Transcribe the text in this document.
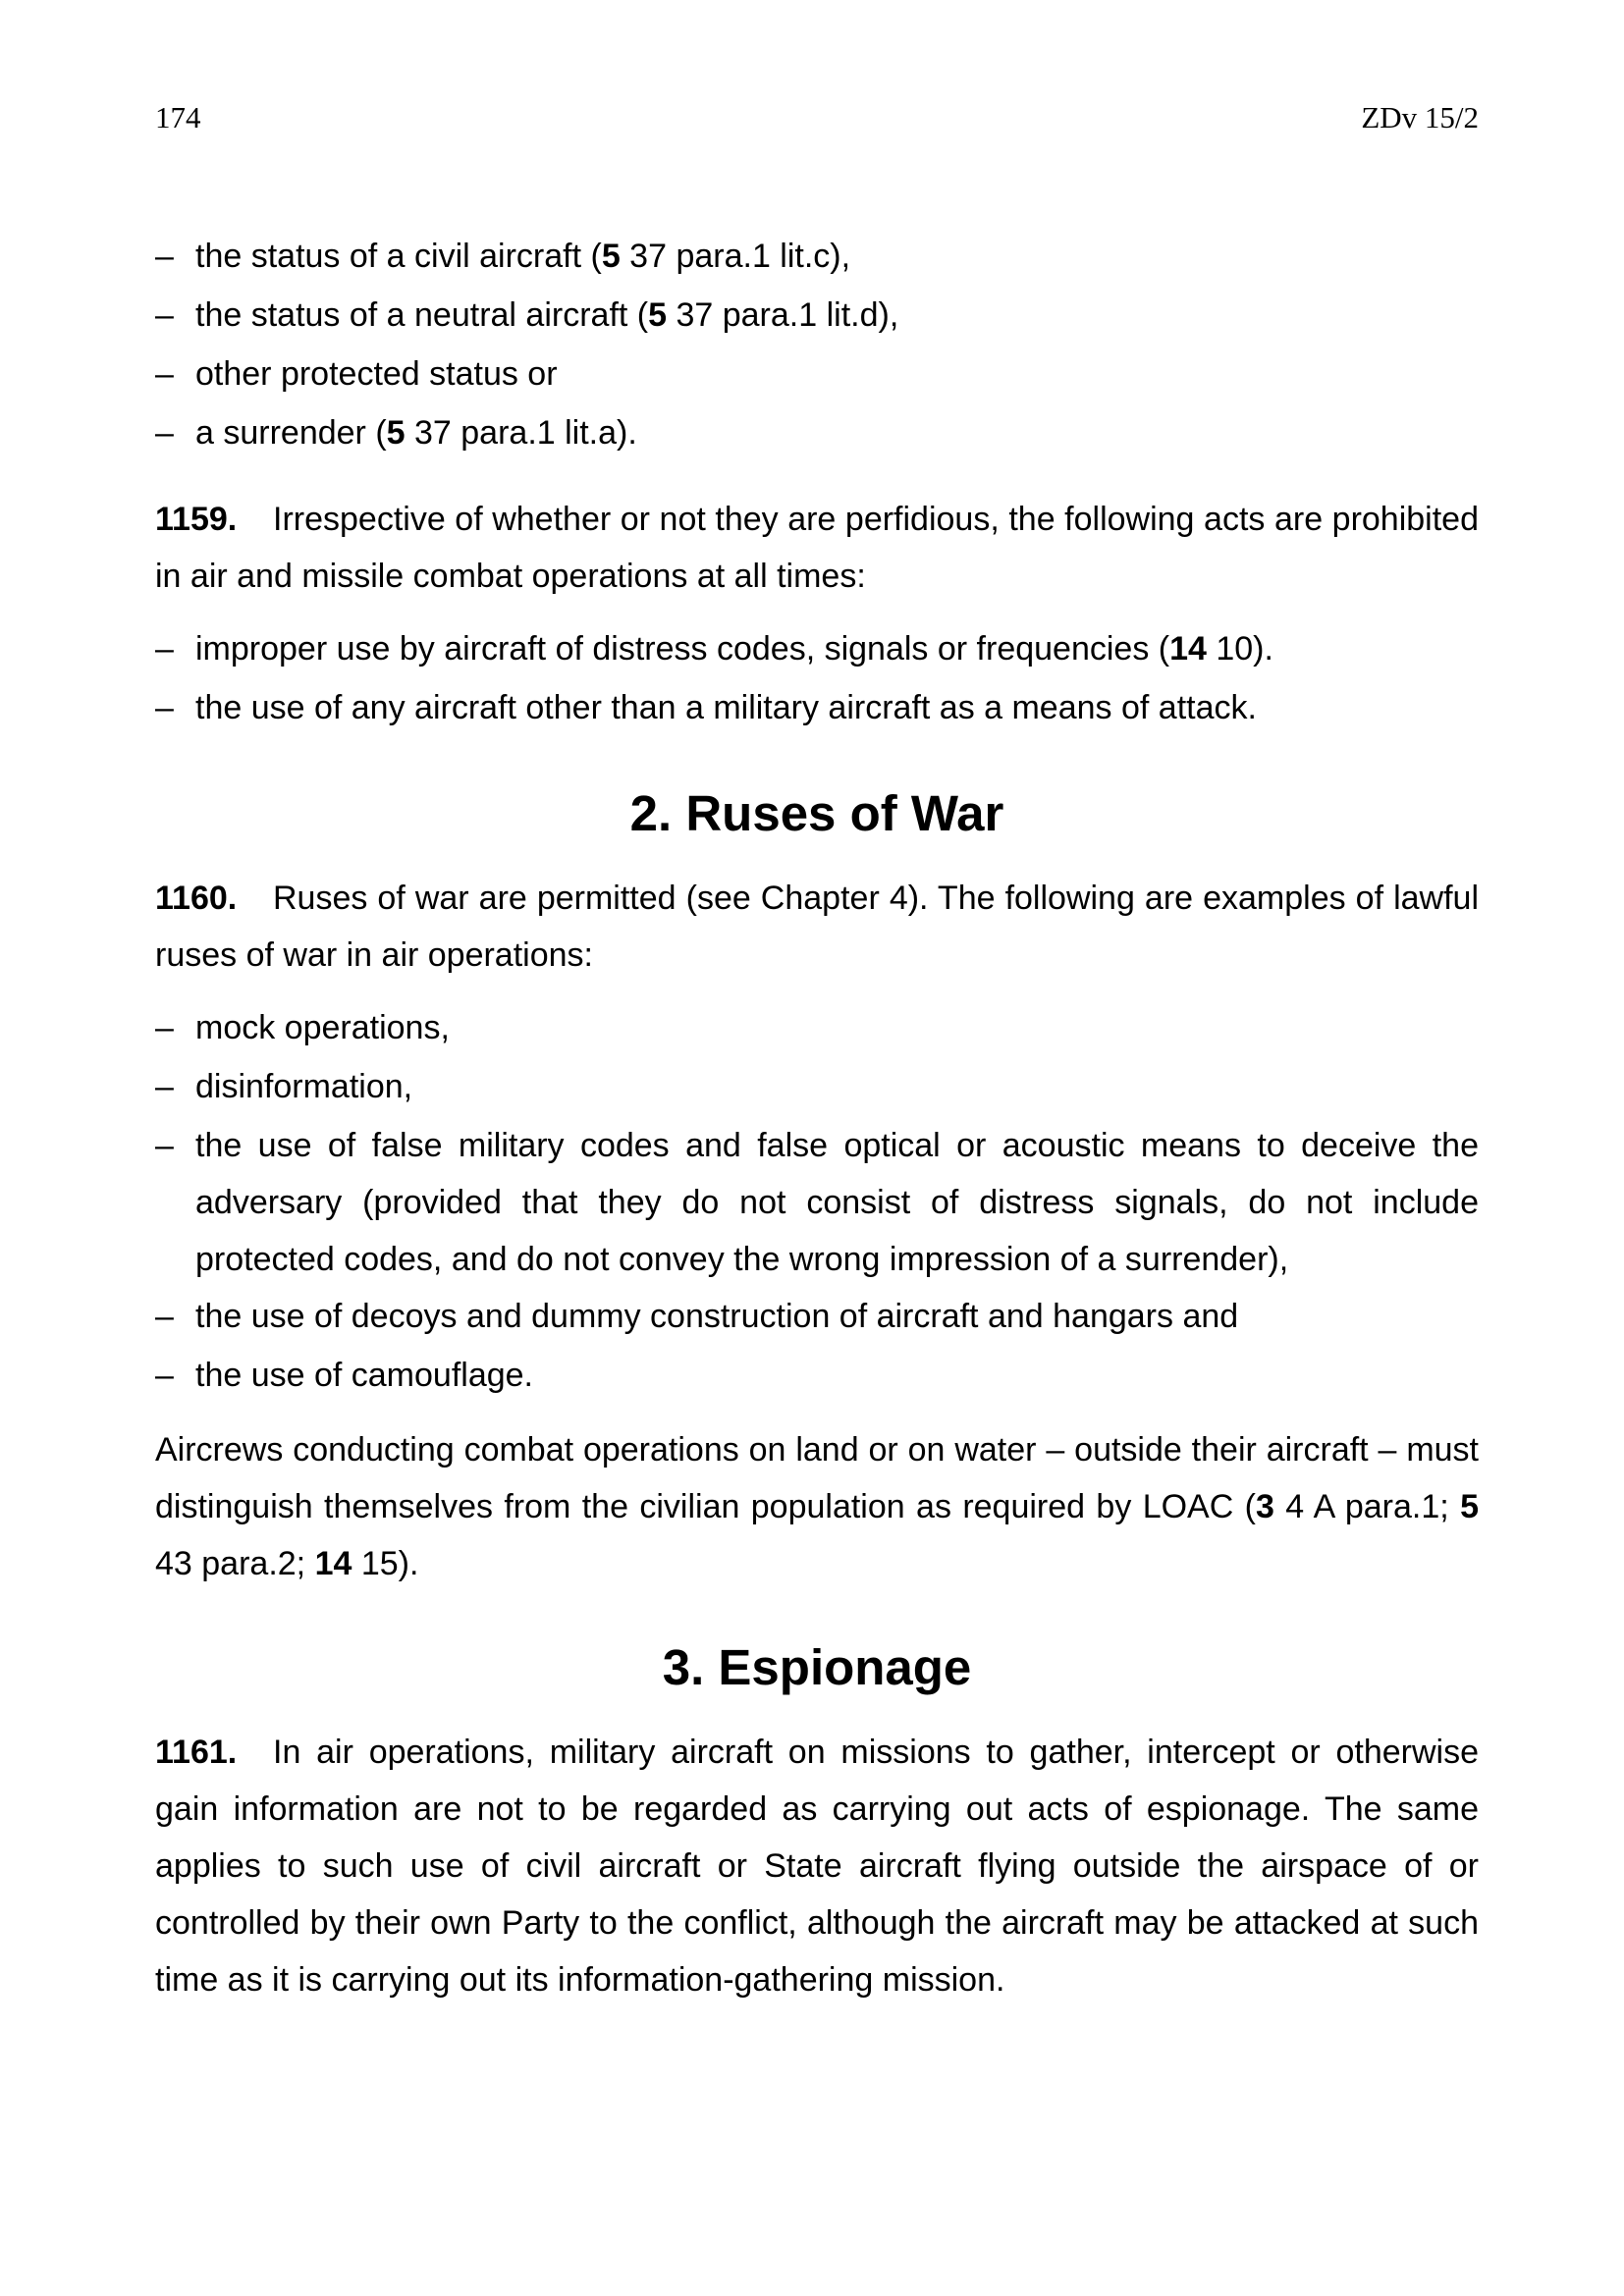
174	ZDv 15/2

– the status of a civil aircraft (5 37 para.1 lit.c),

– the status of a neutral aircraft (5 37 para.1 lit.d),

– other protected status or

– a surrender (5 37 para.1 lit.a).

1159. Irrespective of whether or not they are perfidious, the following acts are prohibited in air and missile combat operations at all times:

– improper use by aircraft of distress codes, signals or frequencies (14 10).

– the use of any aircraft other than a military aircraft as a means of attack.

2. Ruses of War

1160. Ruses of war are permitted (see Chapter 4). The following are examples of lawful ruses of war in air operations:

– mock operations,

– disinformation,

– the use of false military codes and false optical or acoustic means to deceive the adversary (provided that they do not consist of distress signals, do not include protected codes, and do not convey the wrong impression of a surrender),

– the use of decoys and dummy construction of aircraft and hangars and

– the use of camouflage.

Aircrews conducting combat operations on land or on water – outside their aircraft – must distinguish themselves from the civilian population as required by LOAC (3 4 A para.1; 5 43 para.2; 14 15).

3. Espionage

1161. In air operations, military aircraft on missions to gather, intercept or otherwise gain information are not to be regarded as carrying out acts of espionage. The same applies to such use of civil aircraft or State aircraft flying outside the airspace of or controlled by their own Party to the conflict, although the aircraft may be attacked at such time as it is carrying out its information-gathering mission.
